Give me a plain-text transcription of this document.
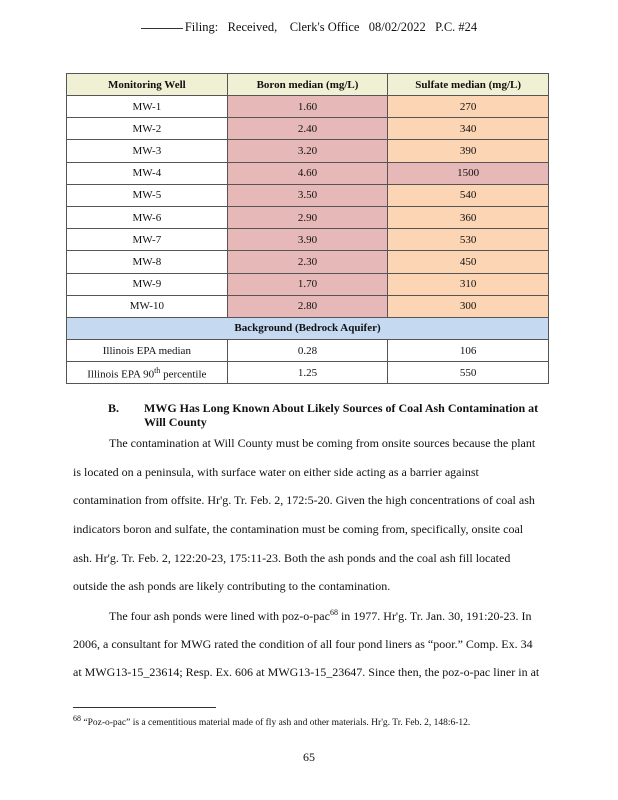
Filing: Received, Clerk's Office 08/02/2022 P.C. #24
Monitoring Well	Boron median (mg/L)	Sulfate median (mg/L)
MW-1	1.60	270
MW-2	2.40	340
MW-3	3.20	390
MW-4	4.60	1500
MW-5	3.50	540
MW-6	2.90	360
MW-7	3.90	530
MW-8	2.30	450
MW-9	1.70	310
MW-10	2.80	300
Background (Bedrock Aquifer)		
Illinois EPA median	0.28	106
Illinois EPA 90th percentile	1.25	550
B. MWG Has Long Known About Likely Sources of Coal Ash Contamination at Will County
The contamination at Will County must be coming from onsite sources because the plant
is located on a peninsula, with surface water on either side acting as a barrier against
contamination from offsite. Hr'g. Tr. Feb. 2, 172:5-20. Given the high concentrations of coal ash
indicators boron and sulfate, the contamination must be coming from, specifically, onsite coal
ash. Hr'g. Tr. Feb. 2, 122:20-23, 175:11-23. Both the ash ponds and the coal ash fill located
outside the ash ponds are likely contributing to the contamination.
The four ash ponds were lined with poz-o-pac$^{68}$ in 1977. Hr'g. Tr. Jan. 30, 191:20-23. In
2006, a consultant for MWG rated the condition of all four pond liners as “poor.” Comp. Ex. 34
at MWG13-15_23614; Resp. Ex. 606 at MWG13-15_23647. Since then, the poz-o-pac liner in at
$^{68}$ “Poz-o-pac” is a cementitious material made of fly ash and other materials. Hr'g. Tr. Feb. 2, 148:6-12.
65
